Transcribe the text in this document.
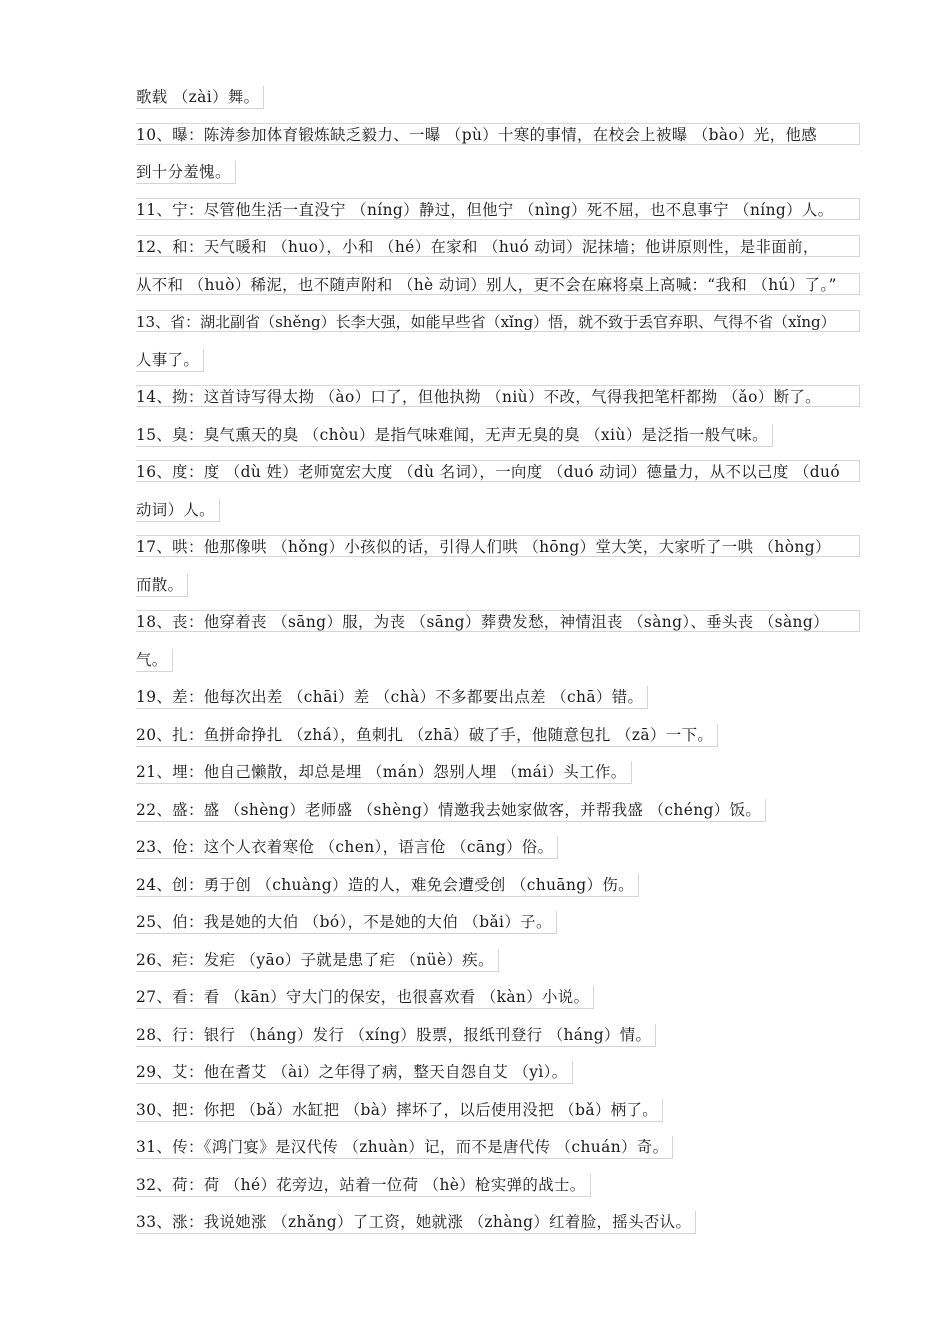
歌载 （zài）舞。
10、曝：陈涛参加体育锻炼缺乏毅力、一曝 （pù）十寒的事情，在校会上被曝 （bào）光，他感
到十分羞愧。
11、宁：尽管他生活一直没宁 （níng）静过，但他宁 （nìng）死不屈，也不息事宁 （níng）人。
12、和：天气暖和 （huo），小和 （hé）在家和 （huó 动词）泥抹墙；他讲原则性，是非面前，
从不和 （huò）稀泥，也不随声附和 （hè 动词）别人，更不会在麻将桌上高喊：“我和 （hú）了。”
13、省：湖北副省（shěng）长李大强，如能早些省（xǐng）悟，就不致于丢官弃职、气得不省（xǐng）
人事了。
14、拗：这首诗写得太拗 （ào）口了，但他执拗 （niù）不改，气得我把笔杆都拗 （ǎo）断了。
15、臭：臭气熏天的臭 （chòu）是指气味难闻，无声无臭的臭 （xiù）是泛指一般气味。
16、度：度 （dù 姓）老师宽宏大度 （dù 名词），一向度 （duó 动词）德量力，从不以己度 （duó
动词）人。
17、哄：他那像哄 （hǒng）小孩似的话，引得人们哄 （hōng）堂大笑，大家听了一哄 （hòng）
而散。
18、丧：他穿着丧 （sāng）服，为丧 （sāng）葬费发愁，神情沮丧 （sàng）、垂头丧 （sàng）
气。
19、差：他每次出差 （chāi）差 （chà）不多都要出点差 （chā）错。
20、扎：鱼拼命挣扎 （zhá），鱼刺扎 （zhā）破了手，他随意包扎 （zā）一下。
21、埋：他自己懒散，却总是埋 （mán）怨别人埋 （mái）头工作。
22、盛：盛 （shèng）老师盛 （shèng）情邀我去她家做客，并帮我盛 （chéng）饭。
23、伧：这个人衣着寒伧 （chen），语言伧 （cāng）俗。
24、创：勇于创 （chuàng）造的人，难免会遭受创 （chuāng）伤。
25、伯：我是她的大伯 （bó），不是她的大伯 （bǎi）子。
26、疟：发疟 （yāo）子就是患了疟 （nüè）疾。
27、看：看 （kān）守大门的保安，也很喜欢看 （kàn）小说。
28、行：银行 （háng）发行 （xíng）股票，报纸刊登行 （háng）情。
29、艾：他在耆艾 （ài）之年得了病，整天自怨自艾 （yì）。
30、把：你把 （bǎ）水缸把 （bà）摔坏了，以后使用没把 （bǎ）柄了。
31、传：《鸿门宴》是汉代传 （zhuàn）记，而不是唐代传 （chuán）奇。
32、荷：荷 （hé）花旁边，站着一位荷 （hè）枪实弹的战士。
33、涨：我说她涨 （zhǎng）了工资，她就涨 （zhàng）红着脸，摇头否认。
